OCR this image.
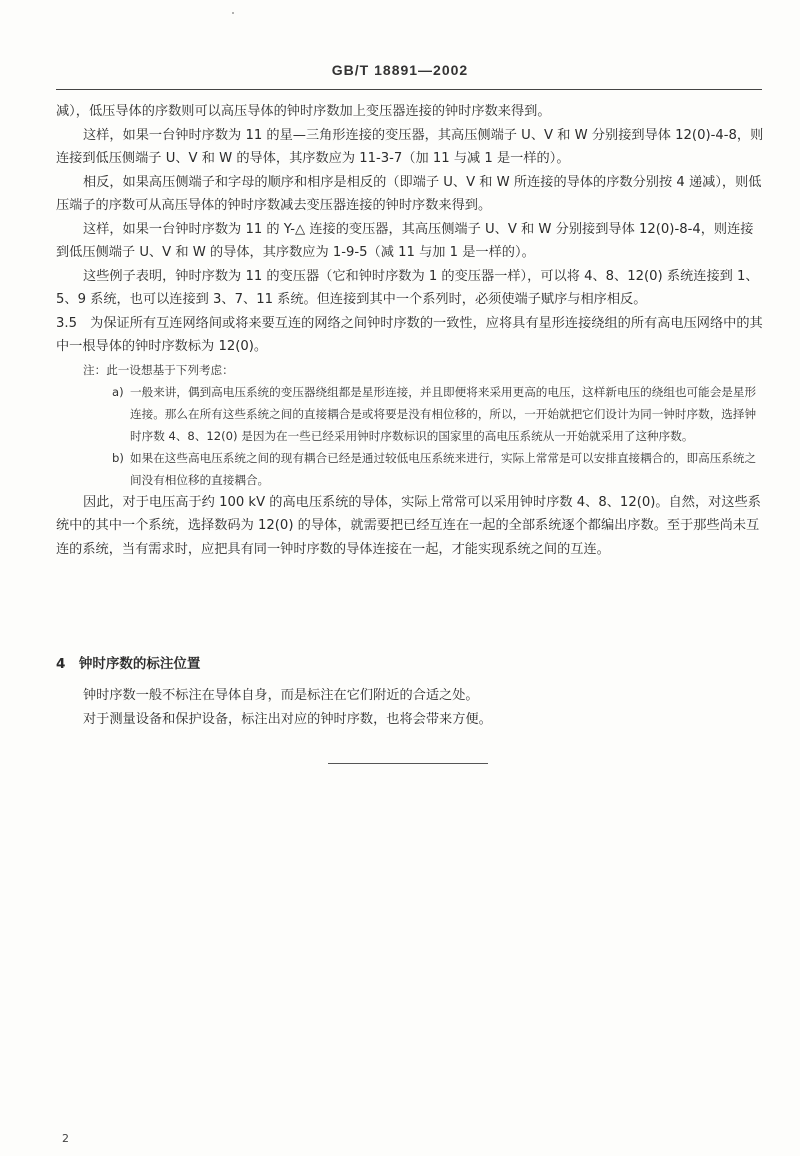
GB/T 18891—2002

减），低压导体的序数则可以高压导体的钟时序数加上变压器连接的钟时序数来得到。

这样，如果一台钟时序数为 11 的星—三角形连接的变压器，其高压侧端子 U、V 和 W 分别接到导体 12(0)-4-8，则连接到低压侧端子 U、V 和 W 的导体，其序数应为 11-3-7（加 11 与减 1 是一样的）。

相反，如果高压侧端子和字母的顺序和相序是相反的（即端子 U、V 和 W 所连接的导体的序数分别按 4 递减），则低压端子的序数可从高压导体的钟时序数减去变压器连接的钟时序数来得到。

这样，如果一台钟时序数为 11 的 Y-△ 连接的变压器，其高压侧端子 U、V 和 W 分别接到导体 12(0)-8-4，则连接到低压侧端子 U、V 和 W 的导体，其序数应为 1-9-5（减 11 与加 1 是一样的）。

这些例子表明，钟时序数为 11 的变压器（它和钟时序数为 1 的变压器一样），可以将 4、8、12(0) 系统连接到 1、5、9 系统，也可以连接到 3、7、11 系统。但连接到其中一个系列时，必须使端子赋序与相序相反。

3.5　为保证所有互连网络间或将来要互连的网络之间钟时序数的一致性，应将具有星形连接绕组的所有高电压网络中的其中一根导体的钟时序数标为 12(0)。

注：此一设想基于下列考虑：
a) 一般来讲，偶到高电压系统的变压器绕组都是星形连接，并且即便将来采用更高的电压，这样新电压的绕组也可能会是星形连接。那么在所有这些系统之间的直接耦合是或将要是没有相位移的，所以，一开始就把它们设计为同一钟时序数，选择钟时序数 4、8、12(0) 是因为在一些已经采用钟时序数标识的国家里的高电压系统从一开始就采用了这种序数。
b) 如果在这些高电压系统之间的现有耦合已经是通过较低电压系统来进行，实际上常常是可以安排直接耦合的，即高压系统之间没有相位移的直接耦合。

因此，对于电压高于约 100 kV 的高电压系统的导体，实际上常常可以采用钟时序数 4、8、12(0)。自然，对这些系统中的其中一个系统，选择数码为 12(0) 的导体，就需要把已经互连在一起的全部系统逐个都编出序数。至于那些尚未互连的系统，当有需求时，应把具有同一钟时序数的导体连接在一起，才能实现系统之间的互连。

4　钟时序数的标注位置

钟时序数一般不标注在导体自身，而是标注在它们附近的合适之处。

对于测量设备和保护设备，标注出对应的钟时序数，也将会带来方便。

2
